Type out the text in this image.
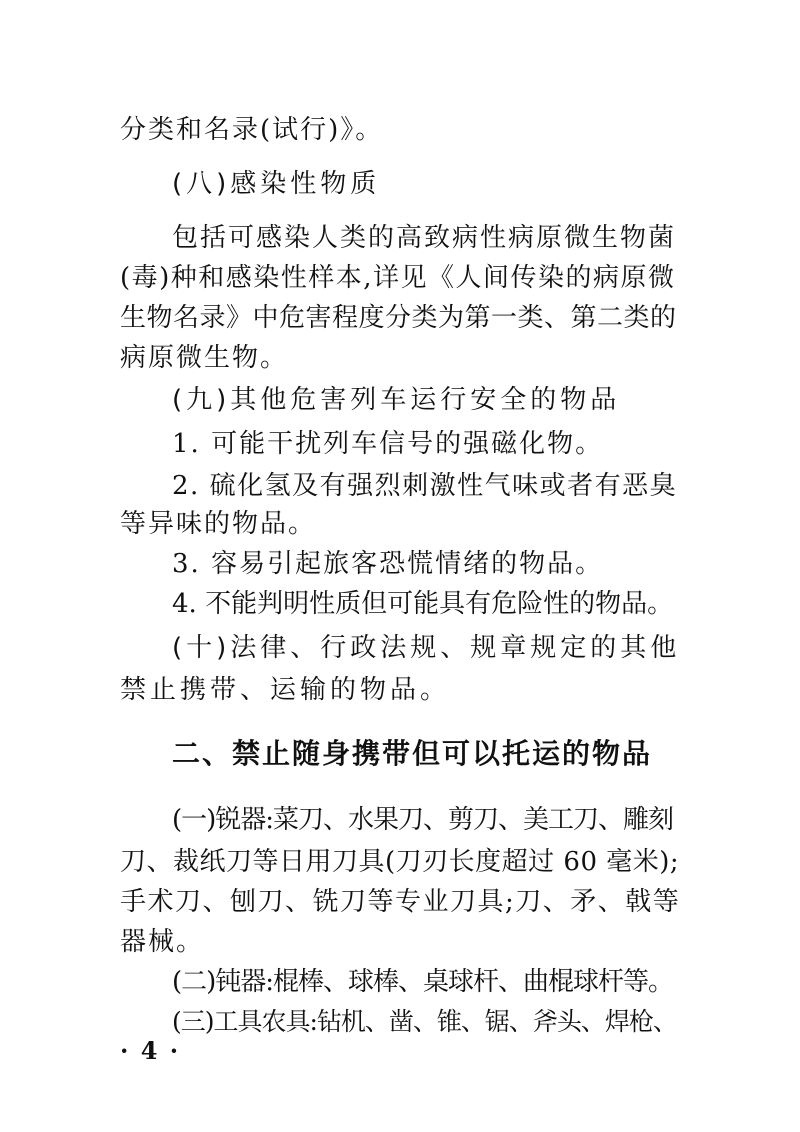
分类和名录(试行)》。
(八)感染性物质
包括可感染人类的高致病性病原微生物菌
(毒)种和感染性样本,详见《人间传染的病原微
生物名录》中危害程度分类为第一类、第二类的
病原微生物。
(九)其他危害列车运行安全的物品
1. 可能干扰列车信号的强磁化物。
2. 硫化氢及有强烈刺激性气味或者有恶臭
等异味的物品。
3. 容易引起旅客恐慌情绪的物品。
4. 不能判明性质但可能具有危险性的物品。
(十)法律、行政法规、规章规定的其他
禁止携带、运输的物品。
二、禁止随身携带但可以托运的物品
(一)锐器:菜刀、水果刀、剪刀、美工刀、雕刻
刀、裁纸刀等日用刀具(刀刃长度超过 60 毫米);
手术刀、刨刀、铣刀等专业刀具;刀、矛、戟等
器械。
(二)钝器:棍棒、球棒、桌球杆、曲棍球杆等。
(三)工具农具:钻机、凿、锥、锯、斧头、焊枪、
· 4 ·
